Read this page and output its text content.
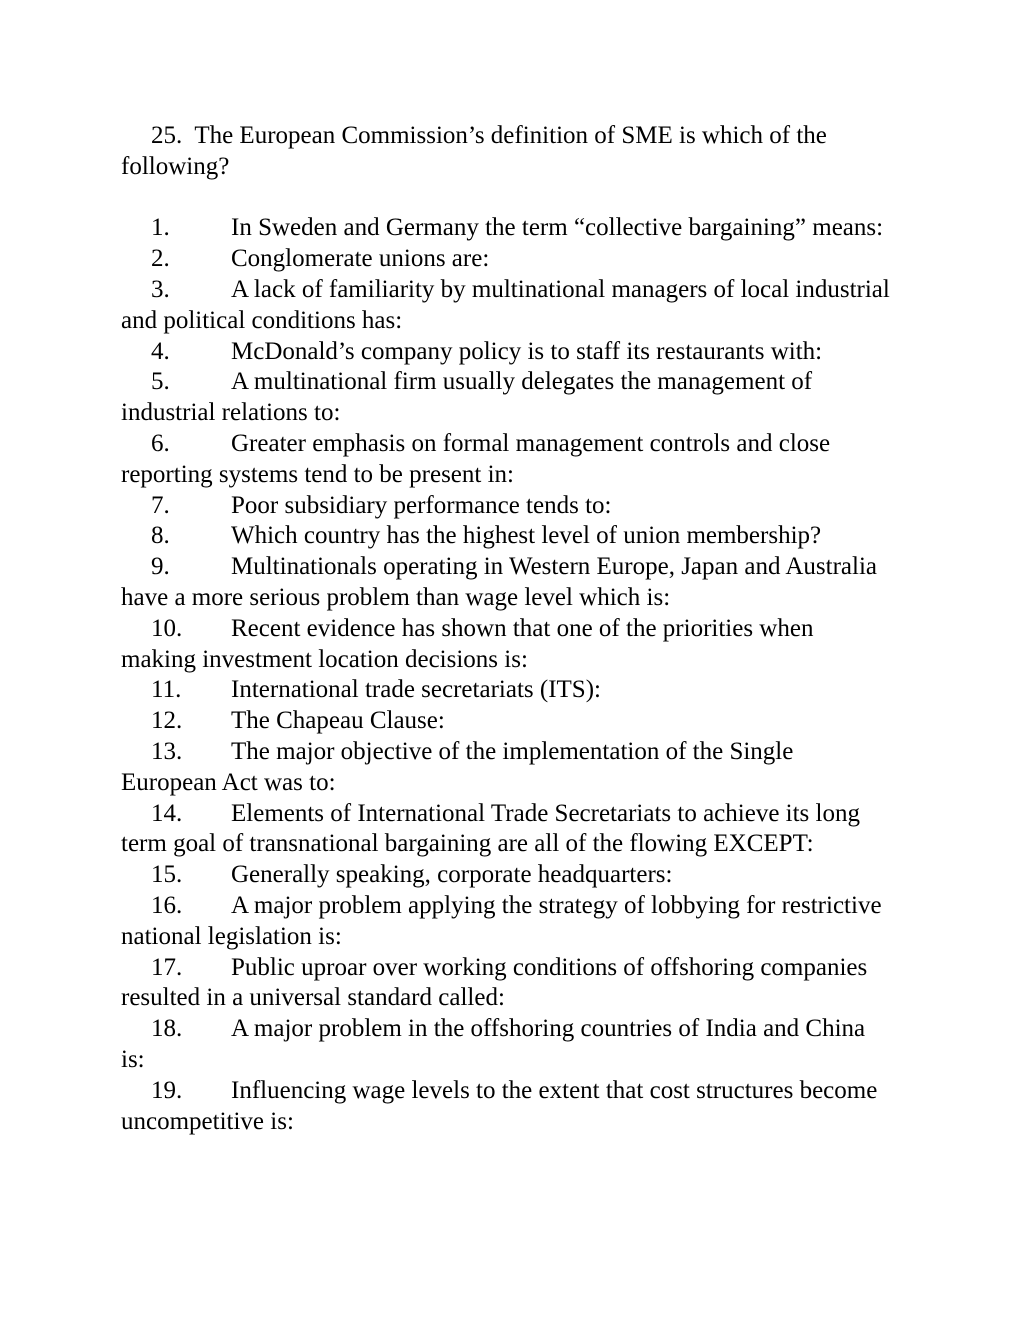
25. The European Commission’s definition of SME is which of the following?

1. In Sweden and Germany the term “collective bargaining” means:
2. Conglomerate unions are:
3. A lack of familiarity by multinational managers of local industrial and political conditions has:
4. McDonald’s company policy is to staff its restaurants with:
5. A multinational firm usually delegates the management of industrial relations to:
6. Greater emphasis on formal management controls and close reporting systems tend to be present in:
7. Poor subsidiary performance tends to:
8. Which country has the highest level of union membership?
9. Multinationals operating in Western Europe, Japan and Australia have a more serious problem than wage level which is:
10. Recent evidence has shown that one of the priorities when making investment location decisions is:
11. International trade secretariats (ITS):
12. The Chapeau Clause:
13. The major objective of the implementation of the Single European Act was to:
14. Elements of International Trade Secretariats to achieve its long term goal of transnational bargaining are all of the flowing EXCEPT:
15. Generally speaking, corporate headquarters:
16. A major problem applying the strategy of lobbying for restrictive national legislation is:
17. Public uproar over working conditions of offshoring companies resulted in a universal standard called:
18. A major problem in the offshoring countries of India and China is:
19. Influencing wage levels to the extent that cost structures become uncompetitive is:
